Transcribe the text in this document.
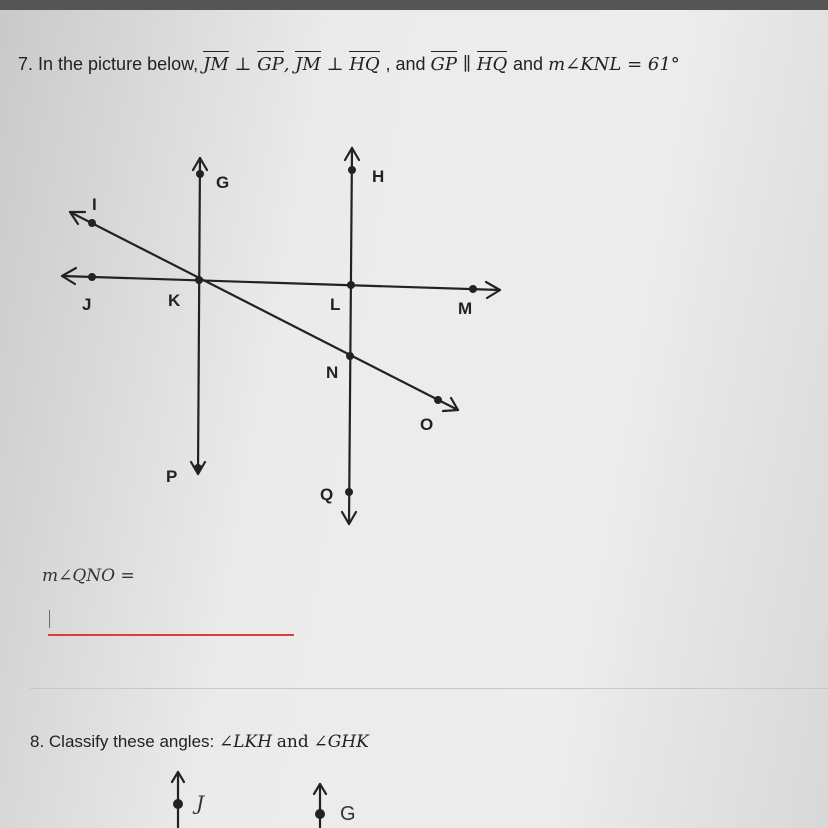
7. In the picture below, JM ⊥ GP, JM ⊥ HQ , and GP ∥ HQ and m∠KNL = 61°
I
G	H
J	K	L	M
N
O
P
Q
m∠QNO =
8. Classify these angles: ∠LKH and ∠GHK
J	G
